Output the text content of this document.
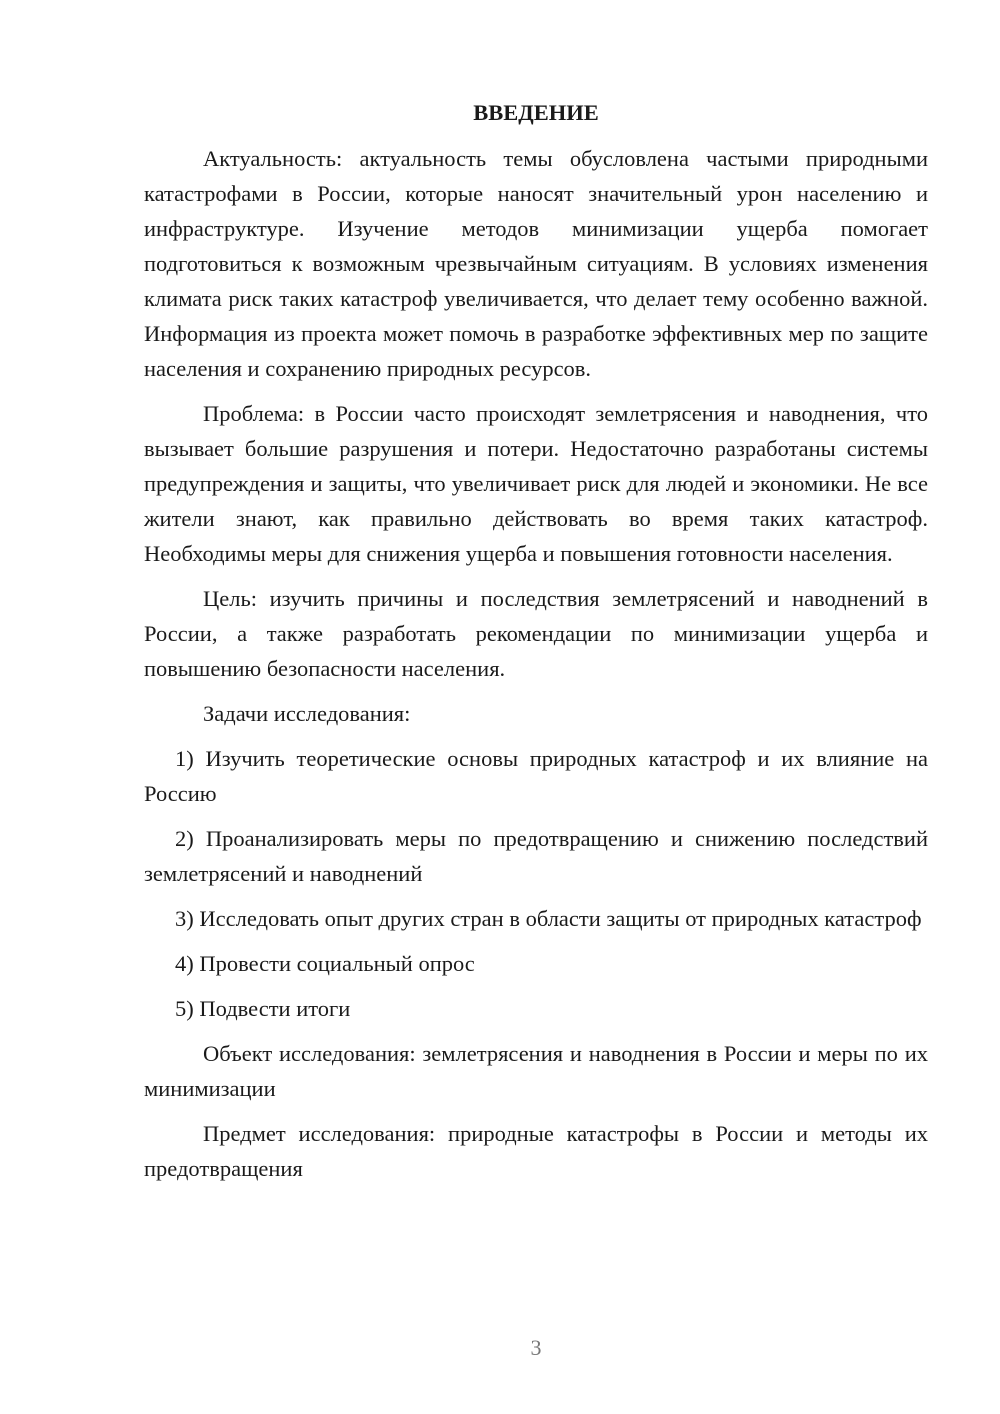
ВВЕДЕНИЕ

Актуальность: актуальность темы обусловлена частыми природными катастрофами в России, которые наносят значительный урон населению и инфраструктуре. Изучение методов минимизации ущерба помогает подготовиться к возможным чрезвычайным ситуациям. В условиях изменения климата риск таких катастроф увеличивается, что делает тему особенно важной. Информация из проекта может помочь в разработке эффективных мер по защите населения и сохранению природных ресурсов.

Проблема: в России часто происходят землетрясения и наводнения, что вызывает большие разрушения и потери. Недостаточно разработаны системы предупреждения и защиты, что увеличивает риск для людей и экономики. Не все жители знают, как правильно действовать во время таких катастроф. Необходимы меры для снижения ущерба и повышения готовности населения.

Цель: изучить причины и последствия землетрясений и наводнений в России, а также разработать рекомендации по минимизации ущерба и повышению безопасности населения.

Задачи исследования:

1) Изучить теоретические основы природных катастроф и их влияние на Россию

2) Проанализировать меры по предотвращению и снижению последствий землетрясений и наводнений

3) Исследовать опыт других стран в области защиты от природных катастроф

4) Провести социальный опрос

5) Подвести итоги

Объект исследования: землетрясения и наводнения в России и меры по их минимизации

Предмет исследования: природные катастрофы в России и методы их предотвращения

3
